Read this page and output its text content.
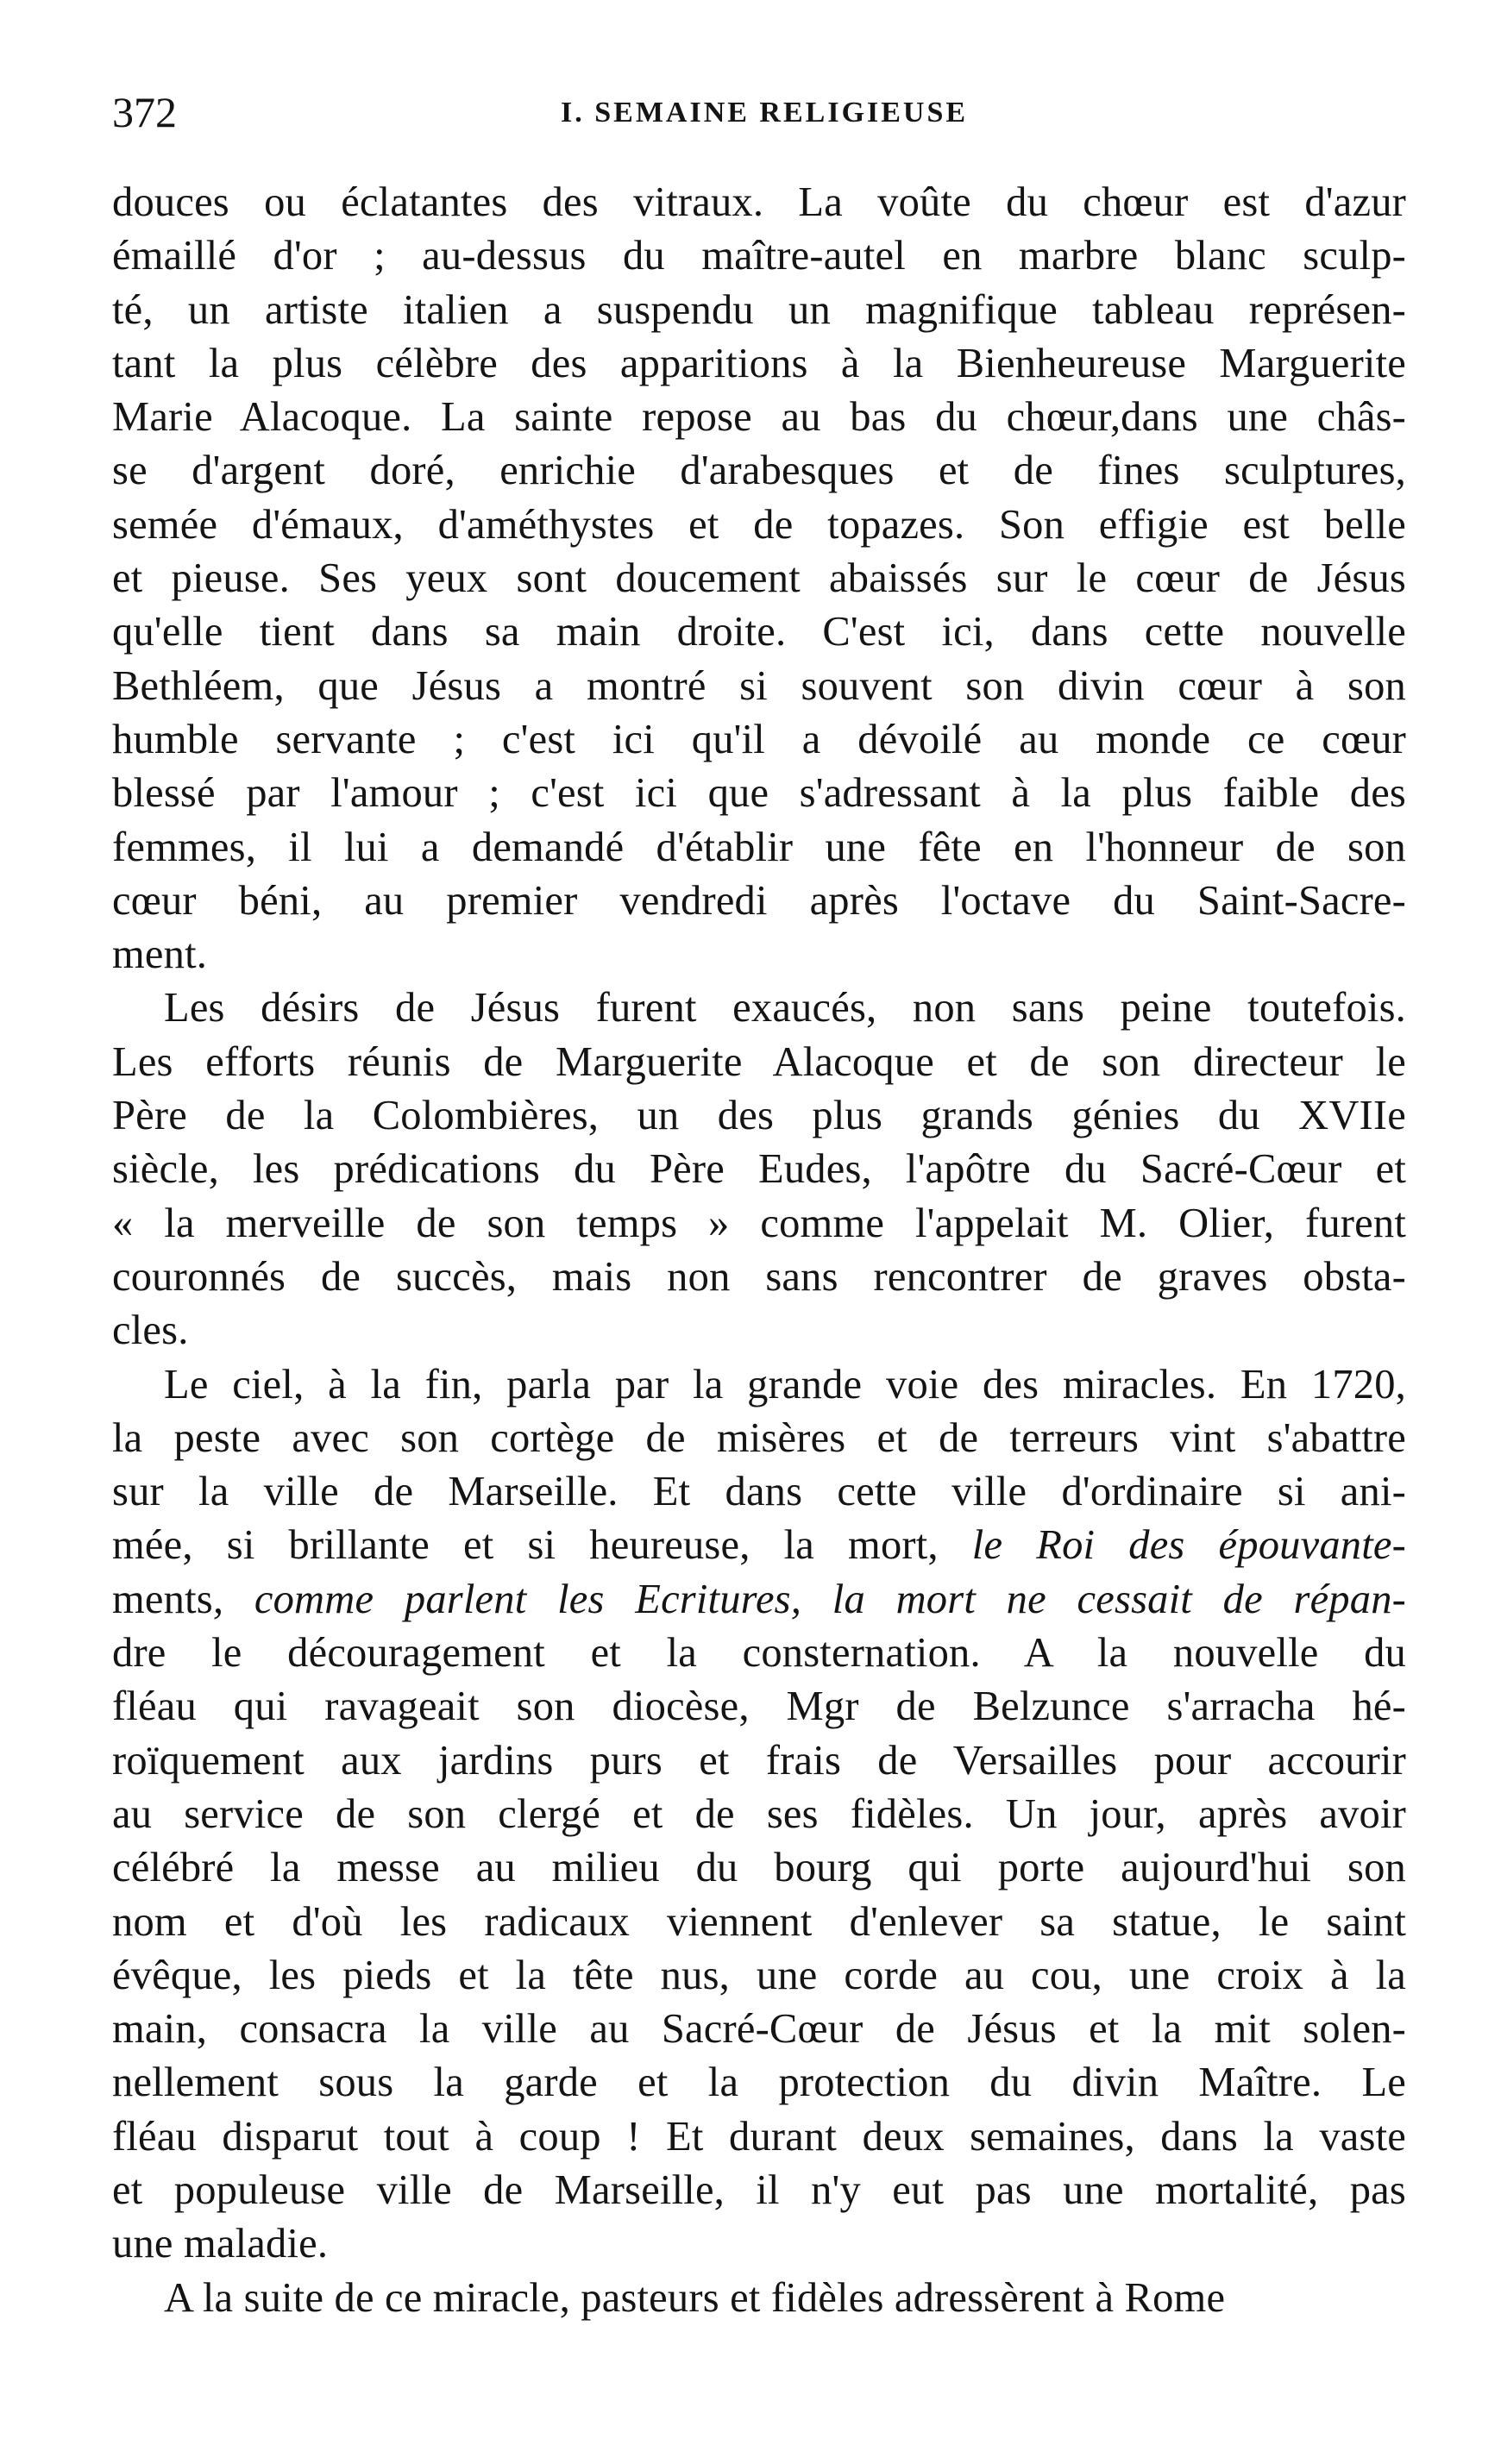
372	I. SEMAINE RELIGIEUSE

douces ou éclatantes des vitraux. La voûte du chœur est d'azur
émaillé d'or ; au-dessus du maître-autel en marbre blanc sculp-
té, un artiste italien a suspendu un magnifique tableau représen-
tant la plus célèbre des apparitions à la Bienheureuse Marguerite
Marie Alacoque. La sainte repose au bas du chœur,dans une châs-
se d'argent doré, enrichie d'arabesques et de fines sculptures,
semée d'émaux, d'améthystes et de topazes. Son effigie est belle
et pieuse. Ses yeux sont doucement abaissés sur le cœur de Jésus
qu'elle tient dans sa main droite. C'est ici, dans cette nouvelle
Bethléem, que Jésus a montré si souvent son divin cœur à son
humble servante ; c'est ici qu'il a dévoilé au monde ce cœur
blessé par l'amour ; c'est ici que s'adressant à la plus faible des
femmes, il lui a demandé d'établir une fête en l'honneur de son
cœur béni, au premier vendredi après l'octave du Saint-Sacre-
ment.

Les désirs de Jésus furent exaucés, non sans peine toutefois.
Les efforts réunis de Marguerite Alacoque et de son directeur le
Père de la Colombières, un des plus grands génies du XVIIe
siècle, les prédications du Père Eudes, l'apôtre du Sacré-Cœur et
« la merveille de son temps » comme l'appelait M. Olier, furent
couronnés de succès, mais non sans rencontrer de graves obsta-
cles.

Le ciel, à la fin, parla par la grande voie des miracles. En 1720,
la peste avec son cortège de misères et de terreurs vint s'abattre
sur la ville de Marseille. Et dans cette ville d'ordinaire si ani-
mée, si brillante et si heureuse, la mort, le Roi des épouvante-
ments, comme parlent les Ecritures, la mort ne cessait de répan-
dre le découragement et la consternation. A la nouvelle du
fléau qui ravageait son diocèse, Mgr de Belzunce s'arracha hé-
roïquement aux jardins purs et frais de Versailles pour accourir
au service de son clergé et de ses fidèles. Un jour, après avoir
célébré la messe au milieu du bourg qui porte aujourd'hui son
nom et d'où les radicaux viennent d'enlever sa statue, le saint
évêque, les pieds et la tête nus, une corde au cou, une croix à la
main, consacra la ville au Sacré-Cœur de Jésus et la mit solen-
nellement sous la garde et la protection du divin Maître. Le
fléau disparut tout à coup ! Et durant deux semaines, dans la vaste
et populeuse ville de Marseille, il n'y eut pas une mortalité, pas
une maladie.

A la suite de ce miracle, pasteurs et fidèles adressèrent à Rome
